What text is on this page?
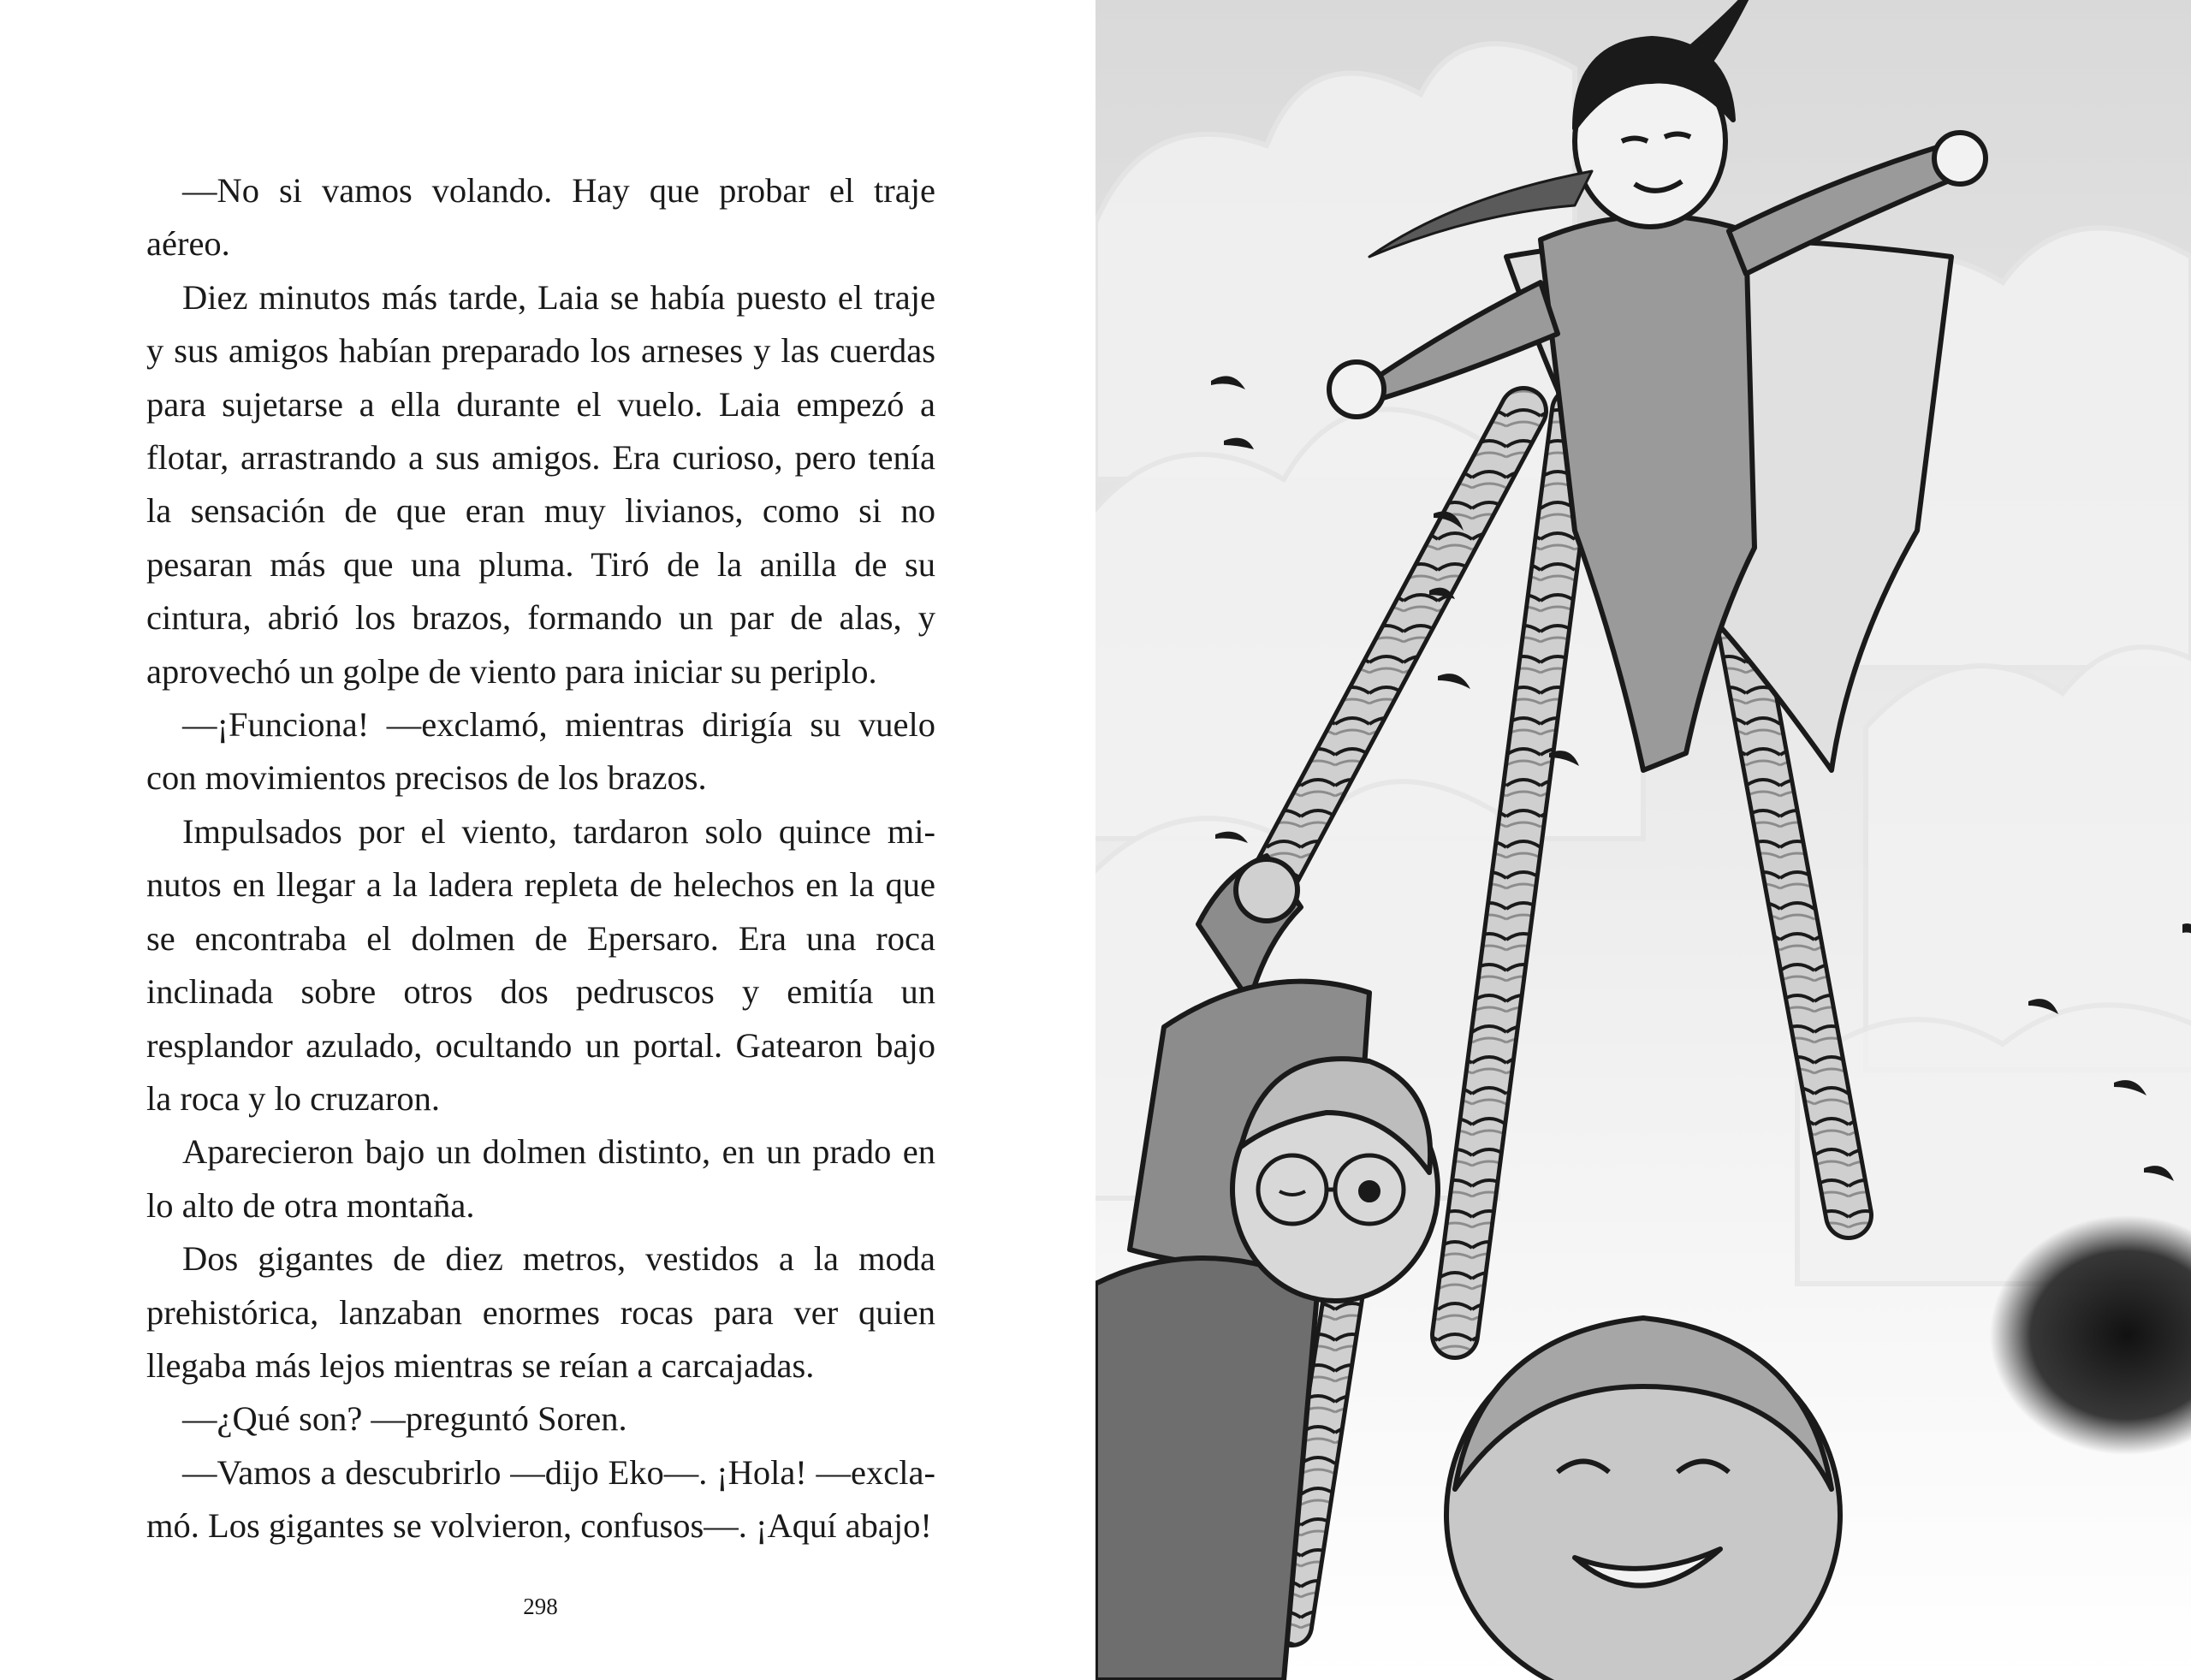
—No si vamos volando. Hay que probar el traje aéreo.

Diez minutos más tarde, Laia se había puesto el traje y sus amigos habían preparado los arneses y las cuerdas para sujetarse a ella durante el vuelo. Laia empezó a flotar, arrastrando a sus amigos. Era curioso, pero tenía la sensación de que eran muy livianos, como si no pesaran más que una pluma. Tiró de la anilla de su cintura, abrió los brazos, formando un par de alas, y aprovechó un golpe de viento para iniciar su periplo.

—¡Funciona! —exclamó, mientras dirigía su vuelo con movimientos precisos de los brazos.

Impulsados por el viento, tardaron solo quince minutos en llegar a la ladera repleta de helechos en la que se encontraba el dolmen de Epersaro. Era una roca inclinada sobre otros dos pedruscos y emitía un resplandor azulado, ocultando un portal. Gatearon bajo la roca y lo cruzaron.

Aparecieron bajo un dolmen distinto, en un prado en lo alto de otra montaña.

Dos gigantes de diez metros, vestidos a la moda prehistórica, lanzaban enormes rocas para ver quien llegaba más lejos mientras se reían a carcajadas.

—¿Qué son? —preguntó Soren.

—Vamos a descubrirlo —dijo Eko—. ¡Hola! —exclamó. Los gigantes se volvieron, confusos—. ¡Aquí abajo!

298
